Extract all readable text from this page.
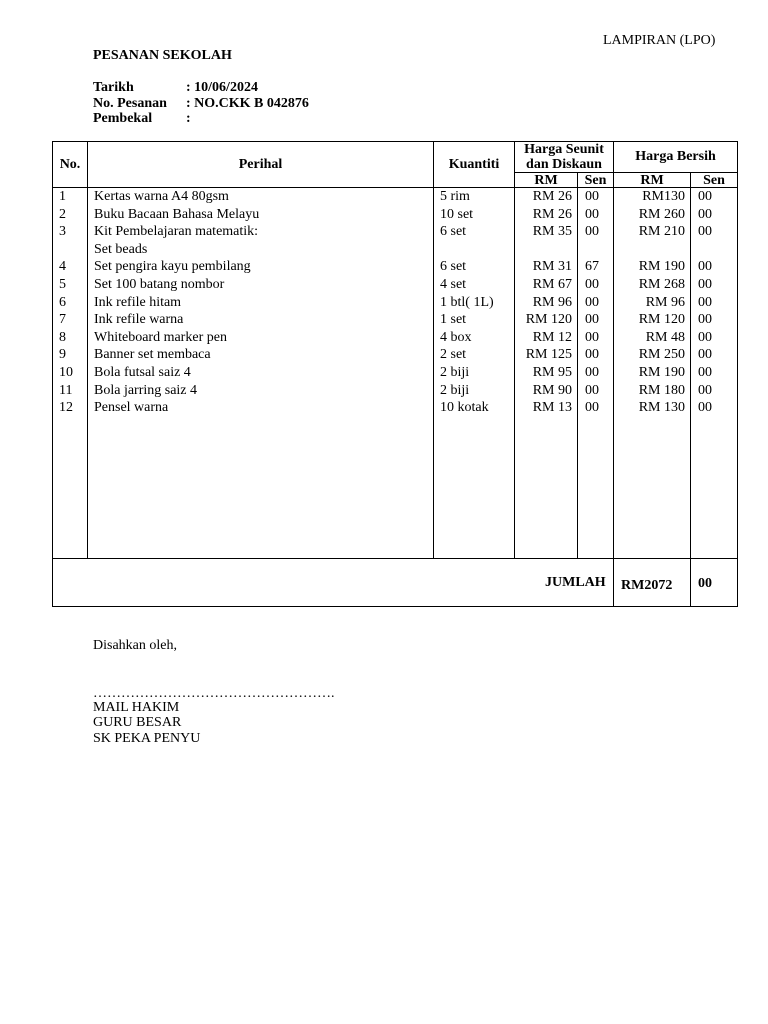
LAMPIRAN (LPO)
PESANAN SEKOLAH
Tarikh	: 10/06/2024
No. Pesanan : NO.CKK B 042876
Pembekal :
No.	Perihal	Kuantiti
Harga Seunit
dan Diskaun
Harga Bersih
RM	Sen	RM	Sen
1	Kertas warna A4 80gsm	5 rim	RM 26 00	RM130 00
2	Buku Bacaan Bahasa Melayu	10 set	RM 26 00	RM 260 00
3	Kit Pembelajaran matematik:	6 set	RM 35 00	RM 210 00
Set beads
4	Set pengira kayu pembilang	6 set	RM 31 67	RM 190 00
5	Set 100 batang nombor	4 set	RM 67 00	RM 268 00
6	Ink refile hitam	1 btl( 1L)	RM 96 00	RM 96 00
7	Ink refile warna	1 set	RM 120 00	RM 120 00
8	Whiteboard marker pen	4 box	RM 12 00	RM 48 00
9	Banner set membaca	2 set	RM 125 00	RM 250 00
10	Bola futsal saiz 4	2 biji	RM 95 00	RM 190 00
11	Bola jarring saiz 4	2 biji	RM 90 00	RM 180 00
12	Pensel warna	10 kotak	RM 13 00	RM 130 00
JUMLAH RM2072 00
Disahkan oleh,
…………………………………………….
MAIL HAKIM
GURU BESAR
SK PEKA PENYU
